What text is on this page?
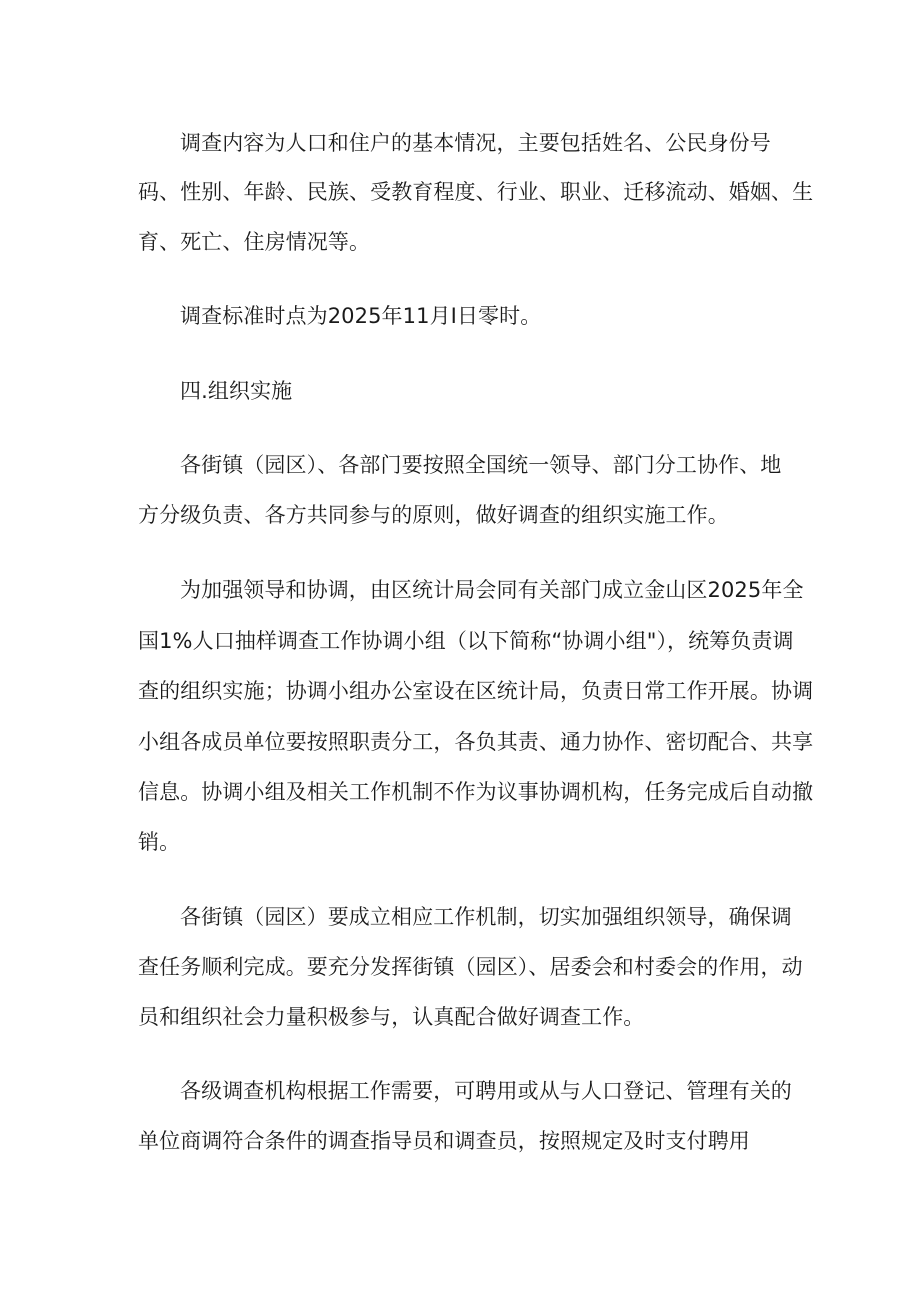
调查内容为人口和住户的基本情况，主要包括姓名、公民身份号

码、性别、年龄、民族、受教育程度、行业、职业、迁移流动、婚姻、生

育、死亡、住房情况等。

调查标准时点为2025年11月I日零时。

四.组织实施

各街镇（园区）、各部门要按照全国统一领导、部门分工协作、地

方分级负责、各方共同参与的原则，做好调查的组织实施工作。

为加强领导和协调，由区统计局会同有关部门成立金山区2025年全

国1%人口抽样调查工作协调小组（以下简称“协调小组"），统筹负责调

查的组织实施；协调小组办公室设在区统计局，负责日常工作开展。协调

小组各成员单位要按照职责分工，各负其责、通力协作、密切配合、共享

信息。协调小组及相关工作机制不作为议事协调机构，任务完成后自动撤

销。

各街镇（园区）要成立相应工作机制，切实加强组织领导，确保调

查任务顺利完成。要充分发挥街镇（园区）、居委会和村委会的作用，动

员和组织社会力量积极参与，认真配合做好调查工作。

各级调查机构根据工作需要，可聘用或从与人口登记、管理有关的

单位商调符合条件的调查指导员和调查员，按照规定及时支付聘用
